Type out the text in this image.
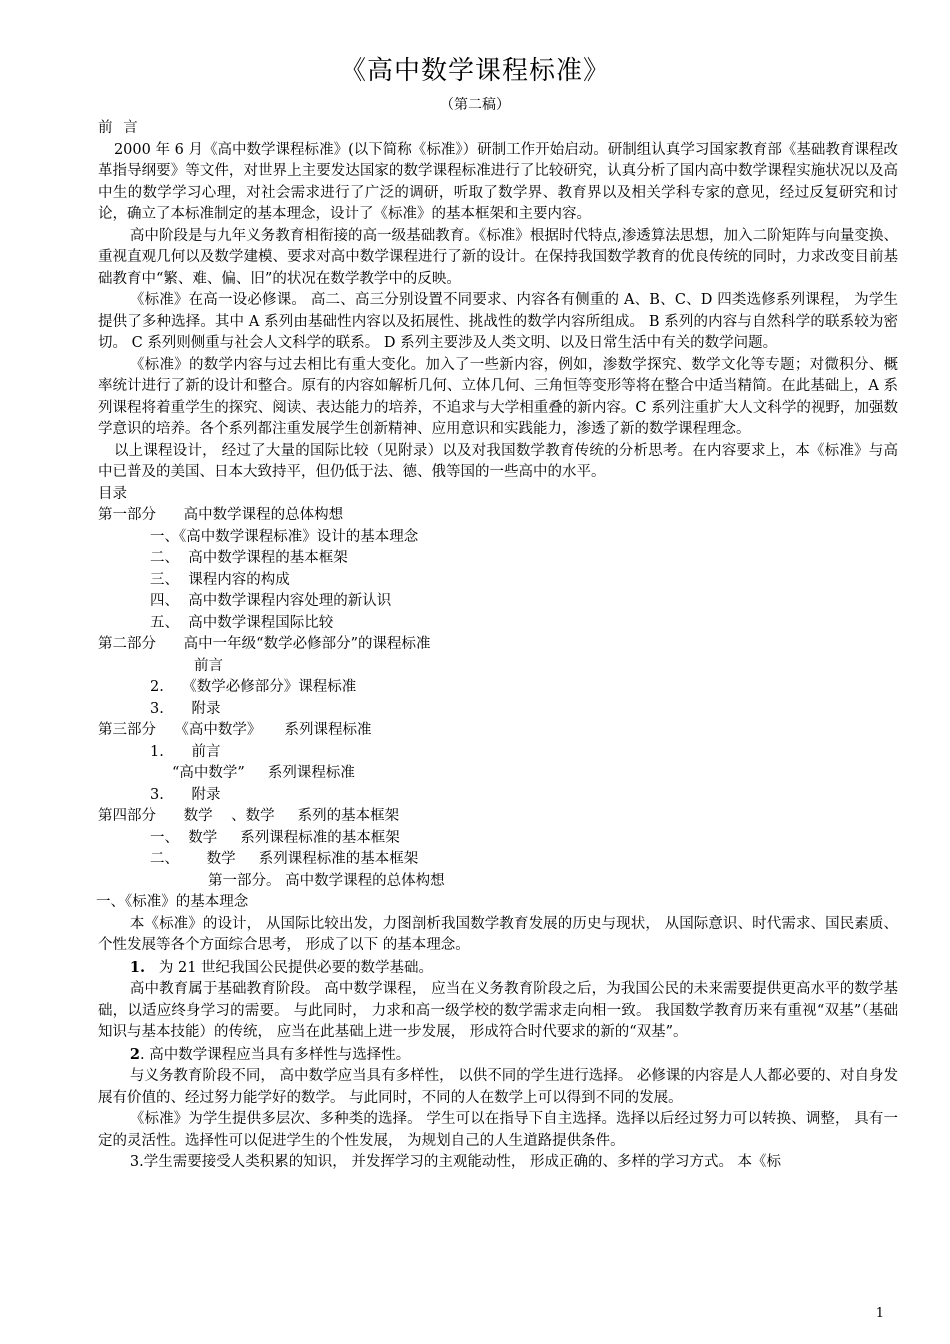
《高中数学课程标准》
（第二稿）

前 言

2000 年 6 月《高中数学课程标准》(以下简称《标准》）研制工作开始启动。研制组认真学习国家教育部《基础教育课程改革指导纲要》等文件，对世界上主要发达国家的数学课程标准进行了比较研究，认真分析了国内高中数学课程实施状况以及高中生的数学学习心理，对社会需求进行了广泛的调研，听取了数学界、教育界以及相关学科专家的意见，经过反复研究和讨论，确立了本标准制定的基本理念，设计了《标准》的基本框架和主要内容。

高中阶段是与九年义务教育相衔接的高一级基础教育。《标准》根据时代特点,渗透算法思想，加入二阶矩阵与向量变换、重视直观几何以及数学建模、要求对高中数学课程进行了新的设计。在保持我国数学教育的优良传统的同时，力求改变目前基础教育中“繁、难、偏、旧”的状况在数学教学中的反映。

《标准》在高一设必修课。 高二、高三分别设置不同要求、内容各有侧重的 A、B、C、D 四类选修系列课程， 为学生提供了多种选择。其中 A 系列由基础性内容以及拓展性、挑战性的数学内容所组成。 B 系列的内容与自然科学的联系较为密切。 C 系列则侧重与社会人文科学的联系。 D 系列主要涉及人类文明、以及日常生活中有关的数学问题。

《标准》的数学内容与过去相比有重大变化。加入了一些新内容，例如，渗数学探究、数学文化等专题；对微积分、概率统计进行了新的设计和整合。原有的内容如解析几何、立体几何、三角恒等变形等将在整合中适当精简。在此基础上，A 系列课程将着重学生的探究、阅读、表达能力的培养，不追求与大学相重叠的新内容。C 系列注重扩大人文科学的视野，加强数学意识的培养。各个系列都注重发展学生创新精神、应用意识和实践能力，渗透了新的数学课程理念。

以上课程设计， 经过了大量的国际比较（见附录）以及对我国数学教育传统的分析思考。在内容要求上，本《标准》与高中已普及的美国、日本大致持平，但仍低于法、德、俄等国的一些高中的水平。

目录

第一部分      高中数学课程的总体构想

一、《高中数学课程标准》设计的基本理念

二、  高中数学课程的基本框架

三、  课程内容的构成

四、  高中数学课程内容处理的新认识

五、  高中数学课程国际比较

第二部分      高中一年级“数学必修部分”的课程标准

前言

2.    《数学必修部分》课程标准

3.      附录

第三部分    《高中数学》     系列课程标准

1.      前言

“高中数学”     系列课程标准

3.      附录

第四部分      数学    、数学     系列的基本框架

一、  数学     系列课程标准的基本框架

二、      数学     系列课程标准的基本框架

第一部分。 高中数学课程的总体构想

一、《标准》的基本理念

本《标准》的设计， 从国际比较出发，力图剖析我国数学教育发展的历史与现状， 从国际意识、时代需求、国民素质、个性发展等各个方面综合思考， 形成了以下 的基本理念。

1. 为 21 世纪我国公民提供必要的数学基础。

高中教育属于基础教育阶段。 高中数学课程， 应当在义务教育阶段之后，为我国公民的未来需要提供更高水平的数学基础，以适应终身学习的需要。 与此同时， 力求和高一级学校的数学需求走向相一致。 我国数学教育历来有重视“双基”（基础知识与基本技能）的传统， 应当在此基础上进一步发展， 形成符合时代要求的新的“双基”。

2. 高中数学课程应当具有多样性与选择性。

与义务教育阶段不同， 高中数学应当具有多样性， 以供不同的学生进行选择。 必修课的内容是人人都必要的、对自身发展有价值的、经过努力能学好的数学。 与此同时，不同的人在数学上可以得到不同的发展。

《标准》为学生提供多层次、多种类的选择。 学生可以在指导下自主选择。选择以后经过努力可以转换、调整， 具有一定的灵活性。选择性可以促进学生的个性发展， 为规划自己的人生道路提供条件。

3.学生需要接受人类积累的知识， 并发挥学习的主观能动性， 形成正确的、多样的学习方式。 本《标

1
